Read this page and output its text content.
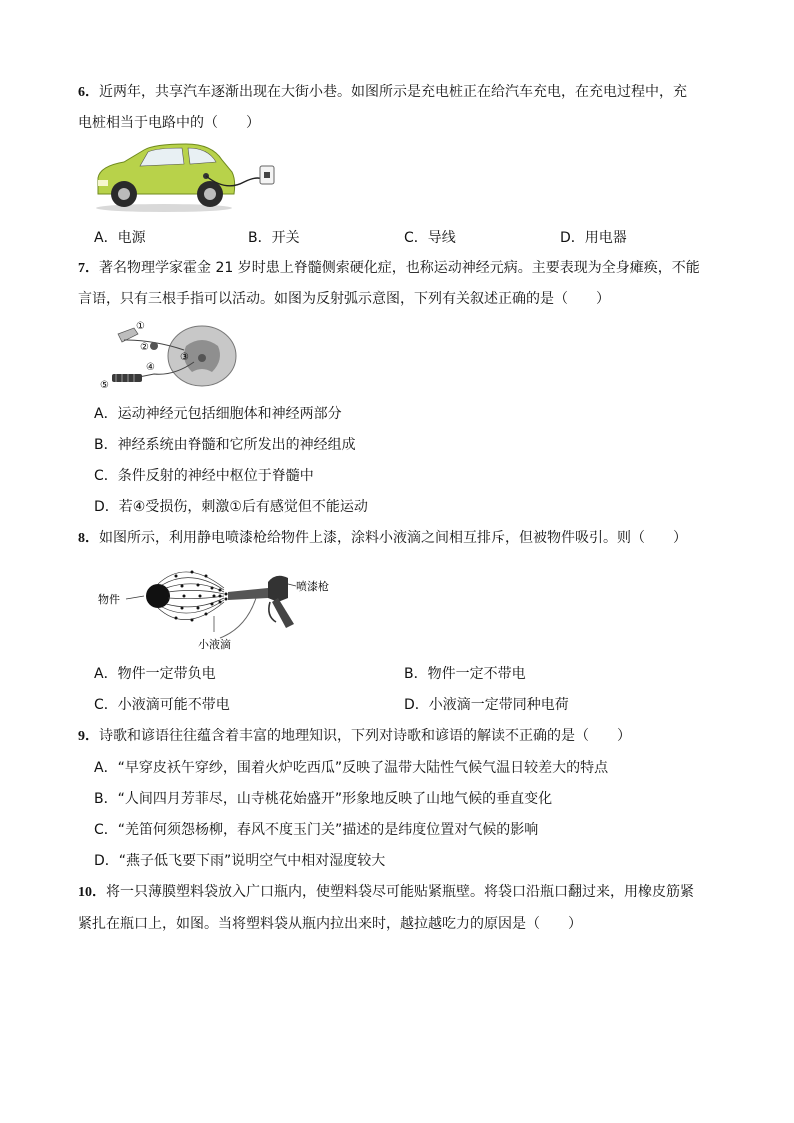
6．近两年，共享汽车逐渐出现在大街小巷。如图所示是充电桩正在给汽车充电，在充电过程中，充
电桩相当于电路中的（　　）
A．电源	B．开关	C．导线	D．用电器
7．著名物理学家霍金 21 岁时患上脊髓侧索硬化症，也称运动神经元病。主要表现为全身瘫痪，不能
言语，只有三根手指可以活动。如图为反射弧示意图，下列有关叙述正确的是（　　）
①
②
③
④
⑤
A．运动神经元包括细胞体和神经两部分
B．神经系统由脊髓和它所发出的神经组成
C．条件反射的神经中枢位于脊髓中
D．若④受损伤，刺激①后有感觉但不能运动
8．如图所示，利用静电喷漆枪给物件上漆，涂料小液滴之间相互排斥，但被物件吸引。则（　　）
物件
喷漆枪
小液滴
A．物件一定带负电	B．物件一定不带电
C．小液滴可能不带电	D．小液滴一定带同种电荷
9．诗歌和谚语往往蕴含着丰富的地理知识，下列对诗歌和谚语的解读不正确的是（　　）
A．“早穿皮袄午穿纱，围着火炉吃西瓜”反映了温带大陆性气候气温日较差大的特点
B．“人间四月芳菲尽，山寺桃花始盛开”形象地反映了山地气候的垂直变化
C．“羌笛何须怨杨柳，春风不度玉门关”描述的是纬度位置对气候的影响
D．“燕子低飞要下雨”说明空气中相对湿度较大
10．将一只薄膜塑料袋放入广口瓶内，使塑料袋尽可能贴紧瓶壁。将袋口沿瓶口翻过来，用橡皮筋紧
紧扎在瓶口上，如图。当将塑料袋从瓶内拉出来时，越拉越吃力的原因是（　　）
